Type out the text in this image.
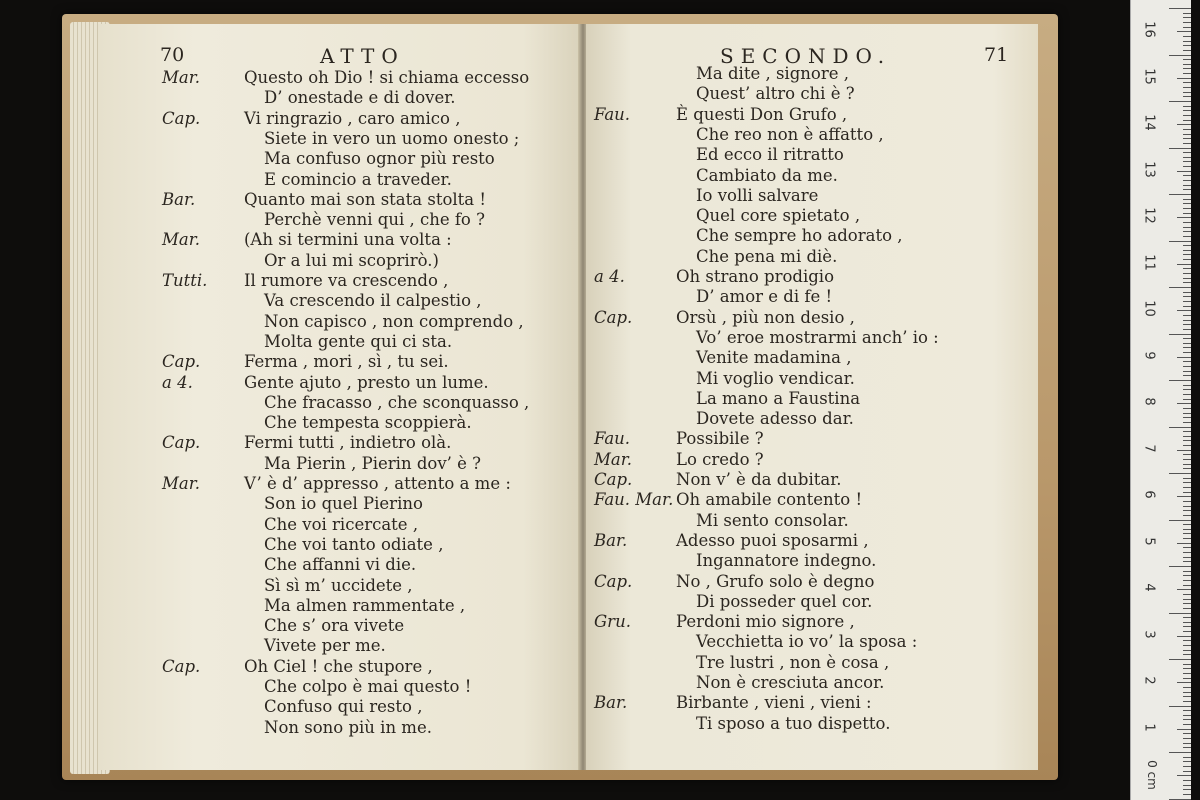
70	ATTO
Mar.	Questo oh Dio ! si chiama eccesso
D’ onestade e di dover.
Cap.	Vi ringrazio , caro amico ,
Siete in vero un uomo onesto ;
Ma confuso ognor più resto
E comincio a traveder.
Bar.	Quanto mai son stata stolta !
Perchè venni qui , che fo ?
Mar.	(Ah si termini una volta :
Or a lui mi scoprirò.)
Tutti. Il rumore va crescendo ,
Va crescendo il calpestio ,
Non capisco , non comprendo ,
Molta gente qui ci sta.
Cap.	Ferma , mori , sì , tu sei.
a 4.	Gente ajuto , presto un lume.
Che fracasso , che sconquasso ,
Che tempesta scoppierà.
Cap.	Fermi tutti , indietro olà.
Ma Pierin , Pierin dov’ è ?
Mar.	V’ è d’ appresso , attento a me :
Son io quel Pierino
Che voi ricercate ,
Che voi tanto odiate ,
Che affanni vi die.
Sì sì m’ uccidete ,
Ma almen rammentate ,
Che s’ ora vivete
Vivete per me.
Cap.	Oh Ciel ! che stupore ,
Che colpo è mai questo !
Confuso qui resto ,
Non sono più in me.
SECONDO.	71
Ma dite , signore ,
Quest’ altro chi è ?
Fau.	È questi Don Grufo ,
Che reo non è affatto ,
Ed ecco il ritratto
Cambiato da me.
Io volli salvare
Quel core spietato ,
Che sempre ho adorato ,
Che pena mi diè.
a 4.	Oh strano prodigio
D’ amor e di fe !
Cap.	Orsù , più non desio ,
Vo’ eroe mostrarmi anch’ io :
Venite madamina ,
Mi voglio vendicar.
La mano a Faustina
Dovete adesso dar.
Fau.	Possibile ?
Mar.	Lo credo ?
Cap.	Non v’ è da dubitar.
Fau. Mar. Oh amabile contento !
Mi sento consolar.
Bar.	Adesso puoi sposarmi ,
Ingannatore indegno.
Cap.	No , Grufo solo è degno
Di posseder quel cor.
Gru.	Perdoni mio signore ,
Vecchietta io vo’ la sposa :
Tre lustri , non è cosa ,
Non è cresciuta ancor.
Bar.	Birbante , vieni , vieni :
Ti sposo a tuo dispetto.
0 cm
16
15
14
13
12
11
10
9
8
7
6
5
4
3
2
1
